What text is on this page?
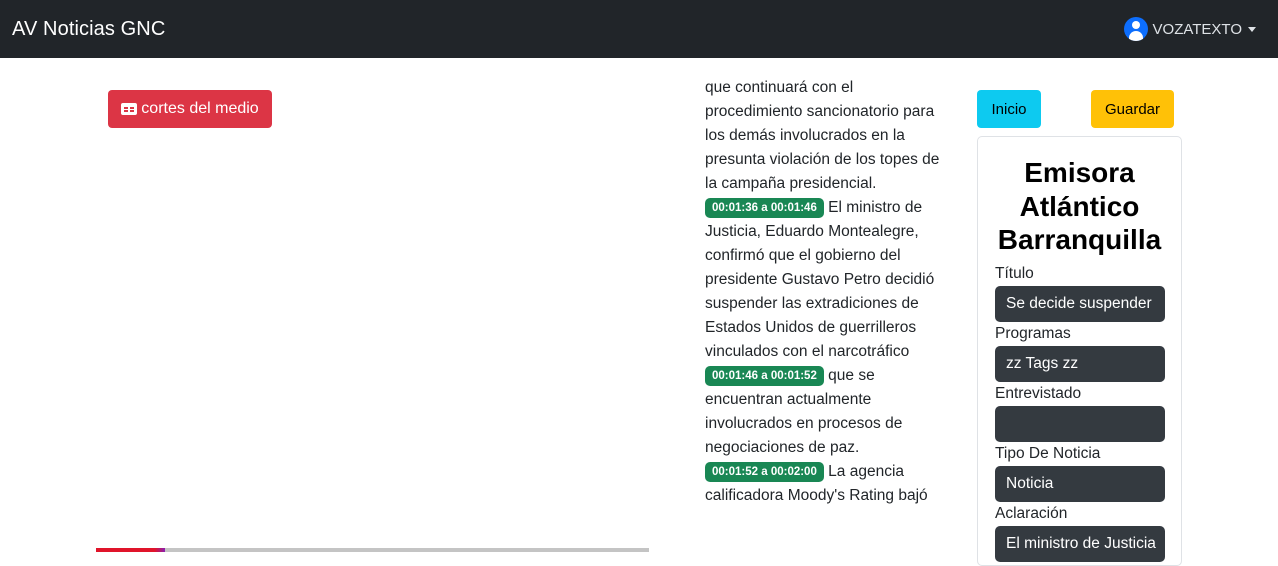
AV Noticias GNC	VOZATEXTO
cortes del medio
que continuará con el procedimiento sancionatorio para los demás involucrados en la presunta violación de los topes de la campaña presidencial.
00:01:36 a 00:01:46 El ministro de Justicia, Eduardo Montealegre, confirmó que el gobierno del presidente Gustavo Petro decidió suspender las extradiciones de Estados Unidos de guerrilleros vinculados con el narcotráfico
00:01:46 a 00:01:52 que se encuentran actualmente involucrados en procesos de negociaciones de paz.
00:01:52 a 00:02:00 La agencia calificadora Moody's Rating bajó
Inicio	Guardar
Emisora Atlántico Barranquilla
Título
Se decide suspender
Programas
zz Tags zz
Entrevistado
Tipo De Noticia
Noticia
Aclaración
El ministro de Justicia
